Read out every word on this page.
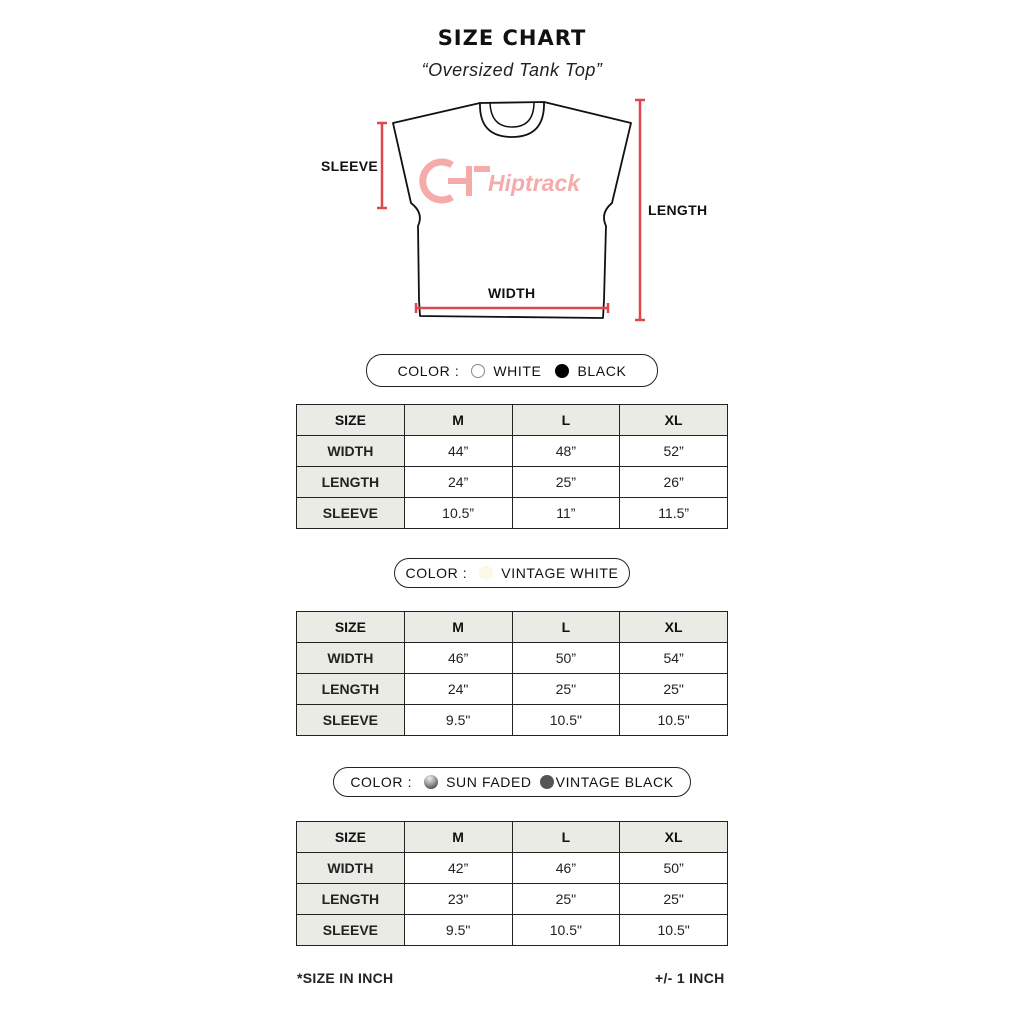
SIZE CHART
“Oversized Tank Top”
Hiptrack
SLEEVE
LENGTH
WIDTH
COLOR : WHITE	BLACK
SIZE	M	L	XL
WIDTH	44”	48”	52”
LENGTH	24”	25”	26”
SLEEVE	10.5”	11”	11.5”
COLOR : VINTAGE WHITE
SIZE	M	L	XL
WIDTH	46”	50”	54”
LENGTH	24"	25"	25"
SLEEVE	9.5"	10.5"	10.5"
COLOR : SUN FADED VINTAGE BLACK
SIZE	M	L	XL
WIDTH	42”	46”	50”
LENGTH	23"	25"	25"
SLEEVE	9.5"	10.5"	10.5"
*SIZE IN INCH	+/- 1 INCH
